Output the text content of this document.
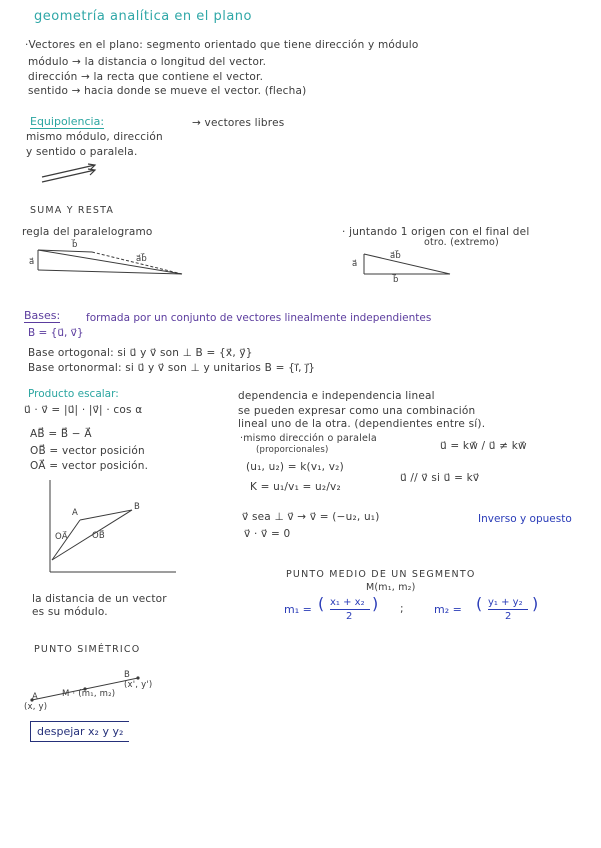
geometría analítica en el plano
·Vectores en el plano: segmento orientado que tiene dirección y módulo
módulo → la distancia o longitud del vector.
dirección → la recta que contiene el vector.
sentido → hacia donde se mueve el vector. (flecha)
Equipolencia:	→ vectores libres
mismo módulo, dirección
y sentido o paralela.
SUMA Y RESTA
regla del paralelogramo	· juntando 1 origen con el final del
otro. (extremo)
b⃗
a⃗	a⃗b⃗	a⃗b⃗
a⃗
b⃗
Bases: formada por un conjunto de vectores linealmente independientes
B = {u⃗, v⃗}
Base ortogonal: si u⃗ y v⃗ son ⊥ B = {x⃗, y⃗}
Base ortonormal: si u⃗ y v⃗ son ⊥ y unitarios B = {i⃗, j⃗}
Producto escalar:
u⃗ · v⃗ = |u⃗| · |v⃗| · cos α
AB⃗ = B⃗ − A⃗
OB⃗ = vector posición
OA⃗ = vector posición.
A
B
OA⃗	OB⃗
dependencia e independencia lineal
se pueden expresar como una combinación
lineal uno de la otra. (dependientes entre sí).
·mismo dirección o paralela
(proporcionales)	u⃗ = kw⃗ / u⃗ ≠ kw⃗
(u₁, u₂) = k(v₁, v₂)
K = u₁/v₁ = u₂/v₂
u⃗ // v⃗ si u⃗ = kv⃗
v⃗ sea ⊥ v⃗ → v⃗ = (−u₂, u₁)	Inverso y opuesto
v⃗ · v⃗ = 0
la distancia de un vector
es su módulo.
PUNTO MEDIO DE UN SEGMENTO
M(m₁, m₂)
m₁ = ( x₁ + x₂
2
) ;	m₂ = ( y₁ + y₂
2
)
PUNTO SIMÉTRICO
B
(x', y')
M · (m₁, m₂)
A
(x, y)
despejar x₂ y y₂
